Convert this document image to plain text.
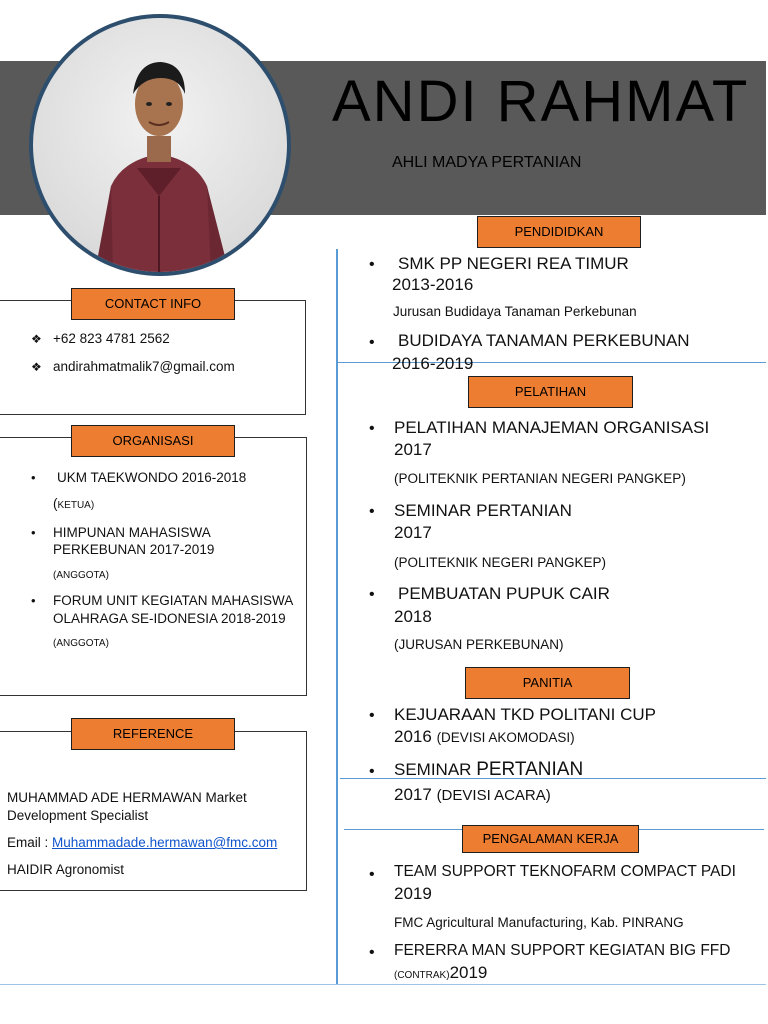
ANDI RAHMAT
AHLI MADYA PERTANIAN
CONTACT INFO
❖ +62 823 4781 2562
❖ andirahmatmalik7@gmail.com
ORGANISASI
• UKM TAEKWONDO 2016-2018
(KETUA)
• HIMPUNAN MAHASISWA
PERKEBUNAN 2017-2019
(ANGGOTA)
• FORUM UNIT KEGIATAN MAHASISWA
OLAHRAGA SE-IDONESIA 2018-2019
(ANGGOTA)
REFERENCE
MUHAMMAD ADE HERMAWAN Market
Development Specialist
Email : Muhammadade.hermawan@fmc.com
HAIDIR Agronomist
PENDIDIDKAN
• SMK PP NEGERI REA TIMUR
2013-2016
Jurusan Budidaya Tanaman Perkebunan
• BUDIDAYA TANAMAN PERKEBUNAN
2016-2019
PELATIHAN
• PELATIHAN MANAJEMAN ORGANISASI
2017
(POLITEKNIK PERTANIAN NEGERI PANGKEP)
• SEMINAR PERTANIAN
2017
(POLITEKNIK NEGERI PANGKEP)
• PEMBUATAN PUPUK CAIR
2018
(JURUSAN PERKEBUNAN)
PANITIA
• KEJUARAAN TKD POLITANI CUP
2016 (DEVISI AKOMODASI)
• SEMINAR PERTANIAN
2017 (DEVISI ACARA)
PENGALAMAN KERJA
• TEAM SUPPORT TEKNOFARM COMPACT PADI
2019
FMC Agricultural Manufacturing, Kab. PINRANG
• FERERRA MAN SUPPORT KEGIATAN BIG FFD
(CONTRAK)2019
